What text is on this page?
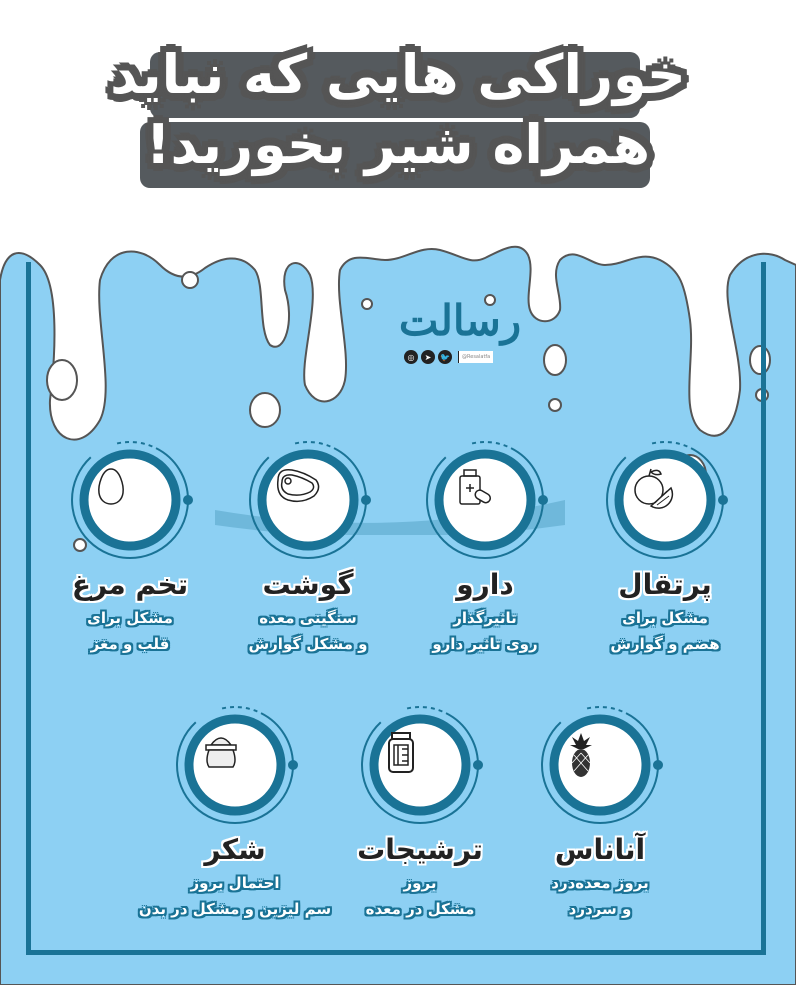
خوراکی هایی که نباید
همراه شیر بخورید!
رسالت
◎	➤	🐦	@Resalatfa
پرتقال
مشکل برای
هضم و گوارش
دارو
تاثیرگذار
روی تاثیر دارو
گوشت
سنگینی معده
و مشکل گوارش
تخم مرغ
مشکل برای
قلب و مغز
آناناس
بروز معده‌درد
و سردرد
ترشیجات
بروز
مشکل در معده
شکر
احتمال بروز
سم لیزین و مشکل در بدن
